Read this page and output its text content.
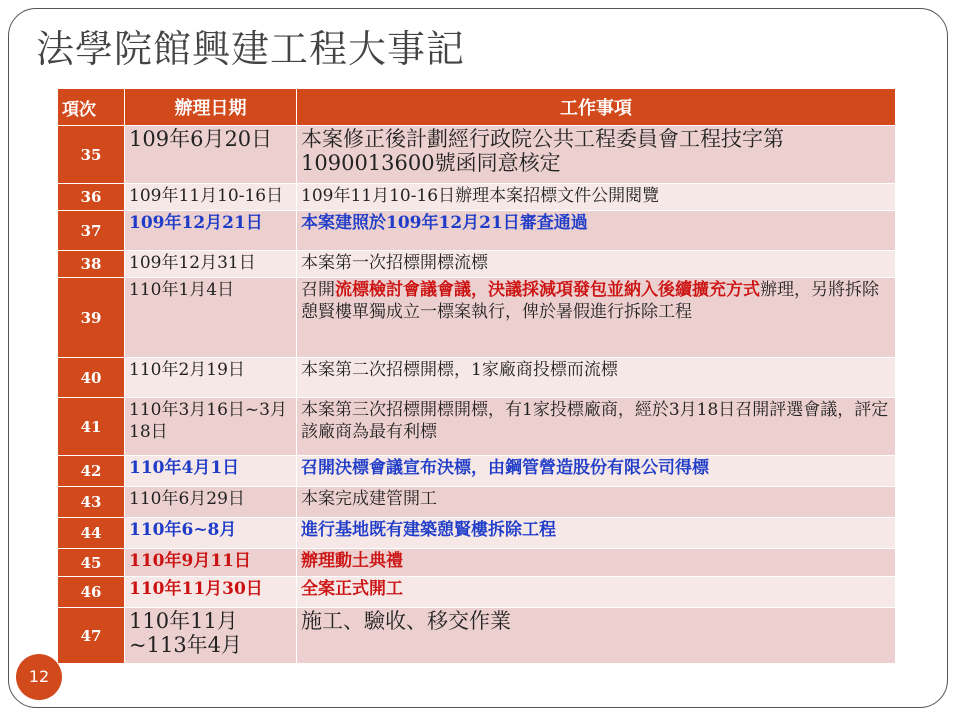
法學院館興建工程大事記
項次	辦理日期	工作事項
35	109年6月20日	本案修正後計劃經行政院公共工程委員會工程技字第1090013600號函同意核定
36	109年11月10-16日	109年11月10-16日辦理本案招標文件公開閱覽
37	109年12月21日	本案建照於109年12月21日審查通過
38	109年12月31日	本案第一次招標開標流標
39	110年1月4日	召開流標檢討會議會議，決議採減項發包並納入後續擴充方式辦理，另將拆除憩賢樓單獨成立一標案執行，俾於暑假進行拆除工程
40	110年2月19日	本案第二次招標開標，1家廠商投標而流標
41	110年3月16日~3月18日	本案第三次招標開標開標，有1家投標廠商，經於3月18日召開評選會議，評定該廠商為最有利標
42	110年4月1日	召開決標會議宣布決標，由鋼管營造股份有限公司得標
43	110年6月29日	本案完成建管開工
44	110年6~8月	進行基地既有建築憩賢樓拆除工程
45	110年9月11日	辦理動土典禮
46	110年11月30日	全案正式開工
47	110年11月~113年4月	施工、驗收、移交作業
12
